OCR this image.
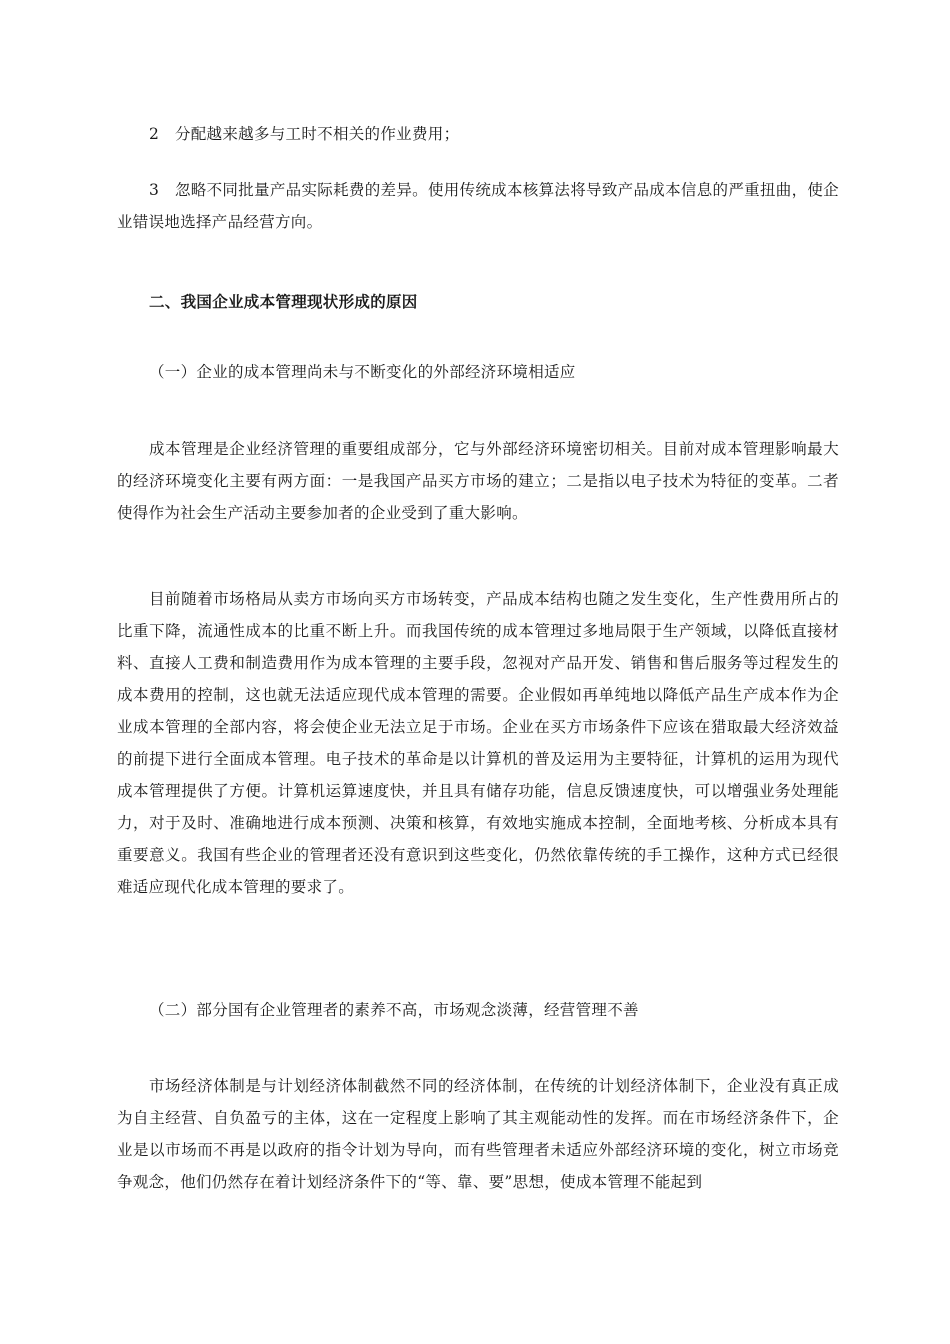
2　分配越来越多与工时不相关的作业费用；

3　忽略不同批量产品实际耗费的差异。使用传统成本核算法将导致产品成本信息的严重扭曲，使企业错误地选择产品经营方向。

二、我国企业成本管理现状形成的原因

（一）企业的成本管理尚未与不断变化的外部经济环境相适应

成本管理是企业经济管理的重要组成部分，它与外部经济环境密切相关。目前对成本管理影响最大的经济环境变化主要有两方面：一是我国产品买方市场的建立；二是指以电子技术为特征的变革。二者使得作为社会生产活动主要参加者的企业受到了重大影响。

目前随着市场格局从卖方市场向买方市场转变，产品成本结构也随之发生变化，生产性费用所占的比重下降，流通性成本的比重不断上升。而我国传统的成本管理过多地局限于生产领域，以降低直接材料、直接人工费和制造费用作为成本管理的主要手段，忽视对产品开发、销售和售后服务等过程发生的成本费用的控制，这也就无法适应现代成本管理的需要。企业假如再单纯地以降低产品生产成本作为企业成本管理的全部内容，将会使企业无法立足于市场。企业在买方市场条件下应该在猎取最大经济效益的前提下进行全面成本管理。电子技术的革命是以计算机的普及运用为主要特征，计算机的运用为现代成本管理提供了方便。计算机运算速度快，并且具有储存功能，信息反馈速度快，可以增强业务处理能力，对于及时、准确地进行成本预测、决策和核算，有效地实施成本控制，全面地考核、分析成本具有重要意义。我国有些企业的管理者还没有意识到这些变化，仍然依靠传统的手工操作，这种方式已经很难适应现代化成本管理的要求了。

（二）部分国有企业管理者的素养不高，市场观念淡薄，经营管理不善

市场经济体制是与计划经济体制截然不同的经济体制，在传统的计划经济体制下，企业没有真正成为自主经营、自负盈亏的主体，这在一定程度上影响了其主观能动性的发挥。而在市场经济条件下，企业是以市场而不再是以政府的指令计划为导向，而有些管理者未适应外部经济环境的变化，树立市场竞争观念，他们仍然存在着计划经济条件下的“等、靠、要”思想，使成本管理不能起到
